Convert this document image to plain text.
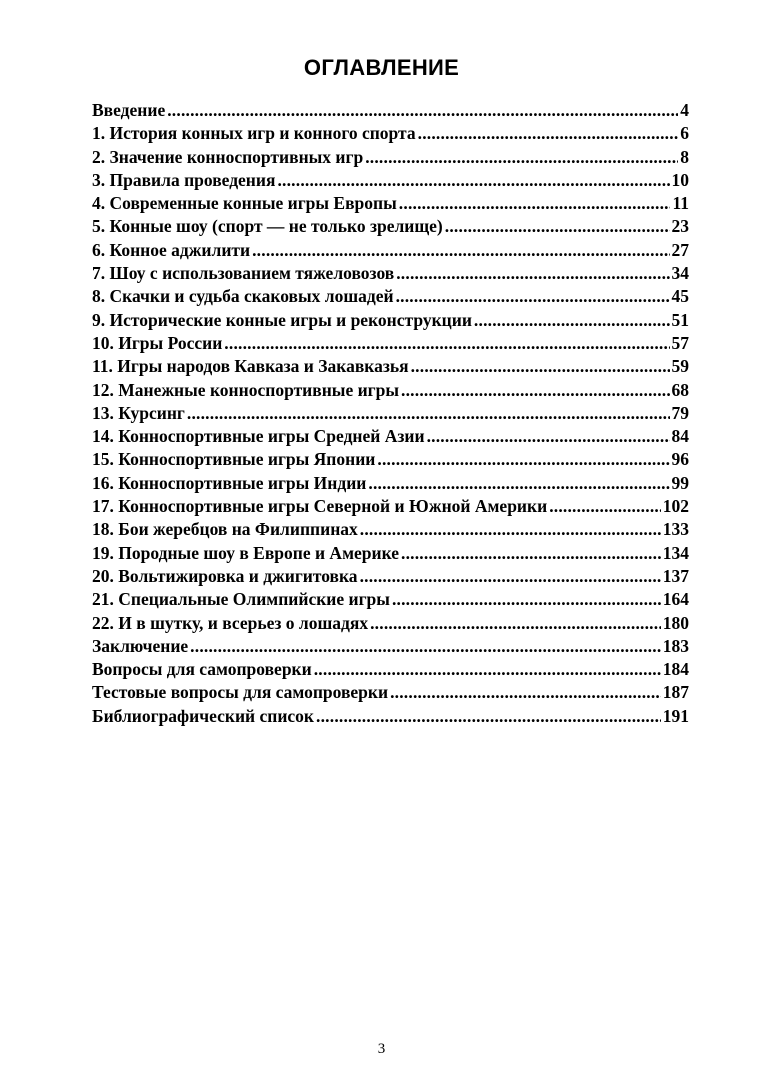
ОГЛАВЛЕНИЕ
Введение .....	4
1. История конных игр и конного спорта .....	6
2. Значение конноспортивных игр .....	8
3. Правила проведения .....	10
4. Современные конные игры Европы .....	11
5. Конные шоу (спорт — не только зрелище) .....	23
6. Конное аджилити .....	27
7. Шоу с использованием тяжеловозов .....	34
8. Скачки и судьба скаковых лошадей .....	45
9. Исторические конные игры и реконструкции .....	51
10. Игры России .....	57
11. Игры народов Кавказа и Закавказья .....	59
12. Манежные конноспортивные игры .....	68
13. Курсинг .....	79
14. Конноспортивные игры Средней Азии .....	84
15. Конноспортивные игры Японии .....	96
16. Конноспортивные игры Индии .....	99
17. Конноспортивные игры Северной и Южной Америки .....	102
18. Бои жеребцов на Филиппинах .....	133
19. Породные шоу в Европе и Америке .....	134
20. Вольтижировка и джигитовка .....	137
21. Специальные Олимпийские игры .....	164
22. И в шутку, и всерьез о лошадях .....	180
Заключение .....	183
Вопросы для самопроверки .....	184
Тестовые вопросы для самопроверки .....	187
Библиографический список .....	191
3
